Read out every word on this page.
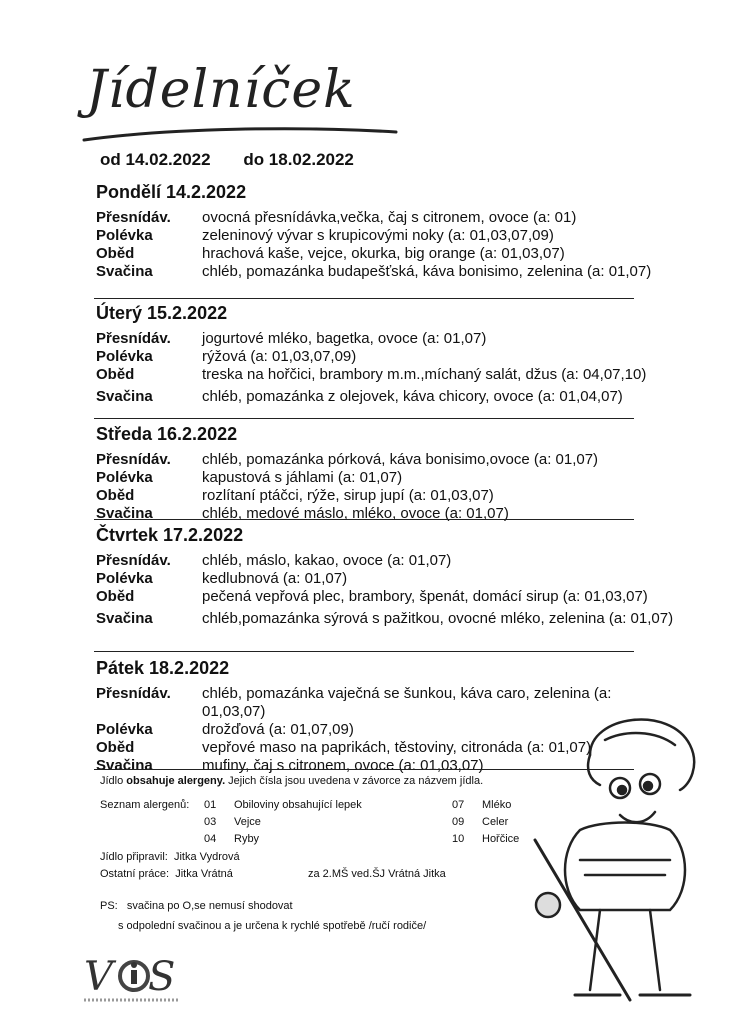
Jídelníček
od 14.02.2022 do 18.02.2022
Pondělí 14.2.2022
Přesnídáv.	ovocná přesnídávka,večka, čaj s citronem, ovoce (a: 01)
Polévka	zeleninový vývar s krupicovými noky (a: 01,03,07,09)
Oběd	hrachová kaše, vejce, okurka, big orange (a: 01,03,07)
Svačina	chléb, pomazánka budapešťská, káva bonisimo, zelenina (a: 01,07)
Úterý 15.2.2022
Přesnídáv.	jogurtové mléko, bagetka, ovoce (a: 01,07)
Polévka	rýžová (a: 01,03,07,09)
Oběd	treska na hořčici, brambory m.m.,míchaný salát, džus (a: 04,07,10)
Svačina	chléb, pomazánka z olejovek, káva chicory, ovoce (a: 01,04,07)
Středa 16.2.2022
Přesnídáv.	chléb, pomazánka pórková, káva bonisimo,ovoce (a: 01,07)
Polévka	kapustová s jáhlami (a: 01,07)
Oběd	rozlítaní ptáčci, rýže, sirup jupí (a: 01,03,07)
Svačina	chléb, medové máslo, mléko, ovoce (a: 01,07)
Čtvrtek 17.2.2022
Přesnídáv.	chléb, máslo, kakao, ovoce (a: 01,07)
Polévka	kedlubnová (a: 01,07)
Oběd	pečená vepřová plec, brambory, špenát, domácí sirup (a: 01,03,07)
Svačina	chléb,pomazánka sýrová s pažitkou, ovocné mléko, zelenina (a: 01,07)
Pátek 18.2.2022
Přesnídáv.	chléb, pomazánka vaječná se šunkou, káva caro, zelenina (a: 01,03,07)
Polévka	drožďová (a: 01,07,09)
Oběd	vepřové maso na paprikách, těstoviny, citronáda (a: 01,07)
Svačina	mufiny, čaj s citronem, ovoce (a: 01,03,07)
Jídlo obsahuje alergeny. Jejich čísla jsou uvedena v závorce za názvem jídla.
Seznam alergenů: 01 Obiloviny obsahující lepek
03 Vejce
04 Ryby
07 Mléko
09 Celer
10 Hořčice
Jídlo připravil: Jitka Vydrová
Ostatní práce: Jitka Vrátná	za 2.MŠ ved.ŠJ Vrátná Jitka
PS: svačina po O,se nemusí shodovat
s odpolední svačinou a je určena k rychlé spotřebě /ručí rodiče/
V S
